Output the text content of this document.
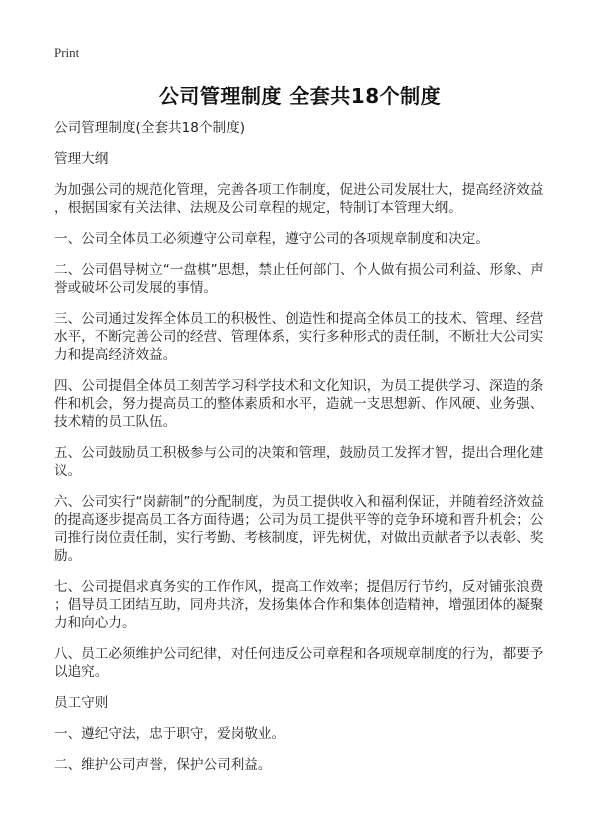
Print
公司管理制度 全套共18个制度

公司管理制度(全套共18个制度)

管理大纲

为加强公司的规范化管理，完善各项工作制度，促进公司发展壮大，提高经济效益
，根据国家有关法律、法规及公司章程的规定，特制订本管理大纲。

一、公司全体员工必须遵守公司章程，遵守公司的各项规章制度和决定。

二、公司倡导树立“一盘棋”思想，禁止任何部门、个人做有损公司利益、形象、声
誉或破坏公司发展的事情。

三、公司通过发挥全体员工的积极性、创造性和提高全体员工的技术、管理、经营
水平，不断完善公司的经营、管理体系，实行多种形式的责任制，不断壮大公司实
力和提高经济效益。

四、公司提倡全体员工刻苦学习科学技术和文化知识，为员工提供学习、深造的条
件和机会，努力提高员工的整体素质和水平，造就一支思想新、作风硬、业务强、
技术精的员工队伍。

五、公司鼓励员工积极参与公司的决策和管理，鼓励员工发挥才智，提出合理化建
议。

六、公司实行“岗薪制”的分配制度，为员工提供收入和福利保证，并随着经济效益
的提高逐步提高员工各方面待遇；公司为员工提供平等的竞争环境和晋升机会；公
司推行岗位责任制，实行考勤、考核制度，评先树优，对做出贡献者予以表彰、奖
励。

七、公司提倡求真务实的工作作风，提高工作效率；提倡厉行节约，反对铺张浪费
；倡导员工团结互助，同舟共济，发扬集体合作和集体创造精神，增强团体的凝聚
力和向心力。

八、员工必须维护公司纪律，对任何违反公司章程和各项规章制度的行为，都要予
以追究。

员工守则

一、遵纪守法，忠于职守，爱岗敬业。

二、维护公司声誉，保护公司利益。
